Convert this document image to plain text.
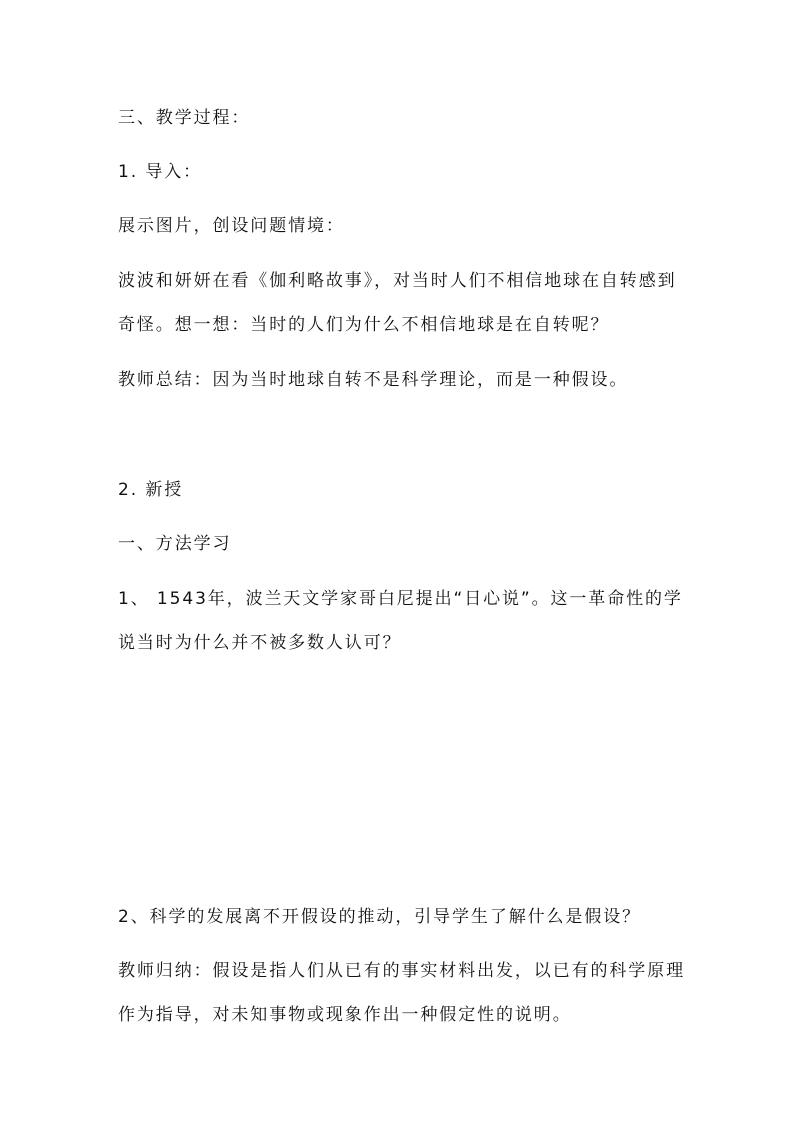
三、教学过程：
1. 导入：
展示图片，创设问题情境：
波波和妍妍在看《伽利略故事》，对当时人们不相信地球在自转感到
奇怪。想一想：当时的人们为什么不相信地球是在自转呢？
教师总结：因为当时地球自转不是科学理论，而是一种假设。
2. 新授
一、方法学习
1、 1543年，波兰天文学家哥白尼提出“日心说”。这一革命性的学
说当时为什么并不被多数人认可？
2、科学的发展离不开假设的推动，引导学生了解什么是假设？
教师归纳：假设是指人们从已有的事实材料出发，以已有的科学原理
作为指导，对未知事物或现象作出一种假定性的说明。
